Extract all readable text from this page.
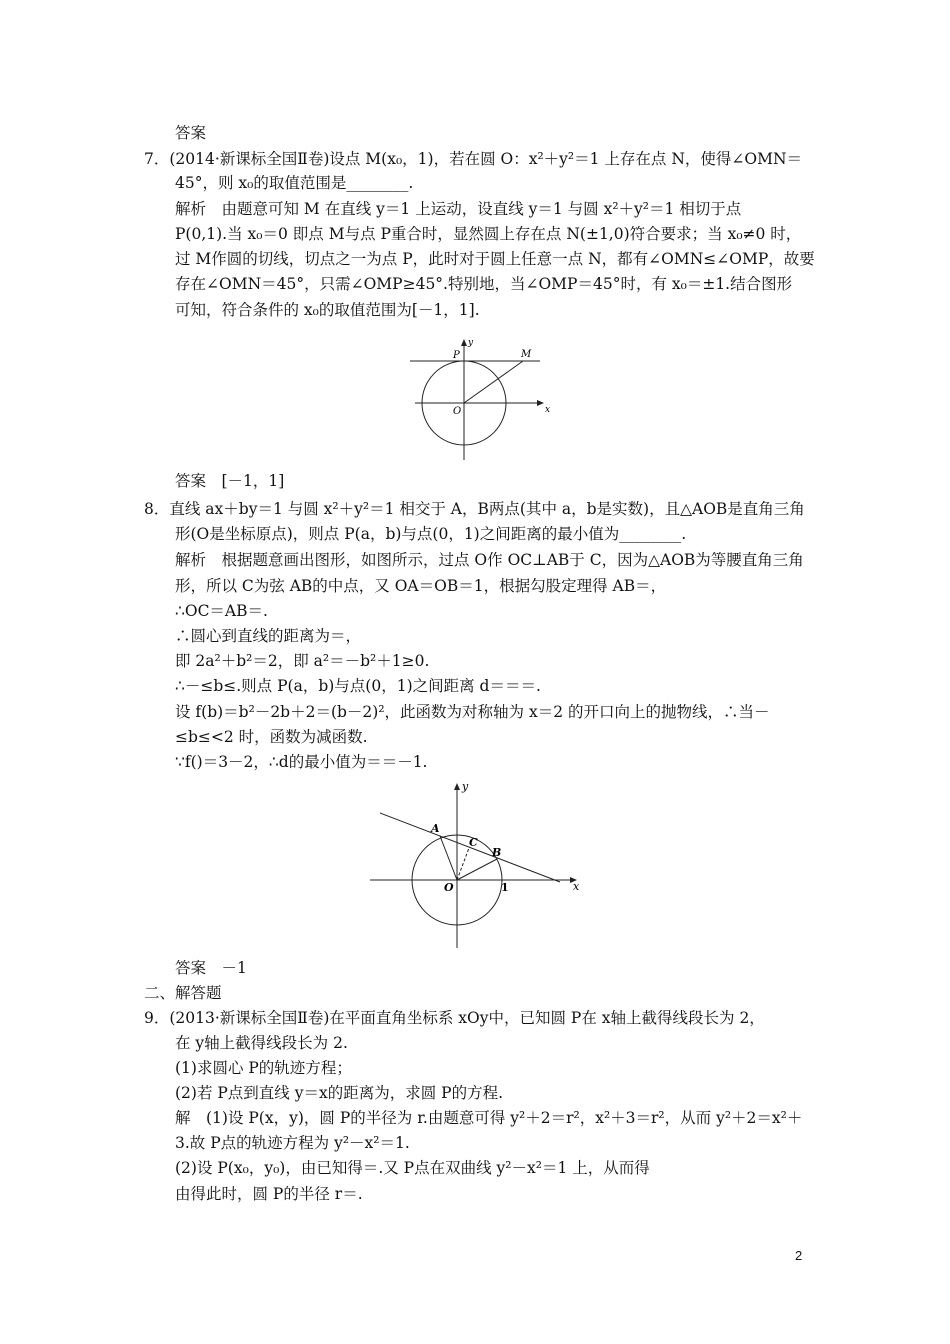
答案
7．(2014·新课标全国Ⅱ卷)设点 M(x₀，1)，若在圆 O：x²＋y²＝1 上存在点 N，使得∠OMN＝
45°，则 x₀的取值范围是________.
解析　由题意可知 M 在直线 y＝1 上运动，设直线 y＝1 与圆 x²＋y²＝1 相切于点
P(0,1).当 x₀＝0 即点 M与点 P重合时，显然圆上存在点 N(±1,0)符合要求；当 x₀≠0 时，
过 M作圆的切线，切点之一为点 P，此时对于圆上任意一点 N，都有∠OMN≤∠OMP，故要
存在∠OMN＝45°，只需∠OMP≥45°.特别地，当∠OMP＝45°时，有 x₀＝±1.结合图形
可知，符合条件的 x₀的取值范围为[－1，1].
P
y
M
O	x
答案　[－1，1]
8．直线 ax＋by＝1 与圆 x²＋y²＝1 相交于 A，B两点(其中 a，b是实数)，且△AOB是直角三角
形(O是坐标原点)，则点 P(a，b)与点(0，1)之间距离的最小值为________.
解析　根据题意画出图形，如图所示，过点 O作 OC⊥AB于 C，因为△AOB为等腰直角三角
形，所以 C为弦 AB的中点，又 OA＝OB＝1，根据勾股定理得 AB＝，
∴OC＝AB＝.
∴圆心到直线的距离为＝，
即 2a²＋b²＝2，即 a²＝－b²＋1≥0.
∴－≤b≤.则点 P(a，b)与点(0，1)之间距离 d＝＝＝.
设 f(b)＝b²－2b＋2＝(b－2)²，此函数为对称轴为 x＝2 的开口向上的抛物线，∴当－
≤b≤<2 时，函数为减函数.
∵f()＝3－2，∴d的最小值为＝＝－1.
y
A
C
B
O	1	x
答案　－1
二、解答题
9．(2013·新课标全国Ⅱ卷)在平面直角坐标系 xOy中，已知圆 P在 x轴上截得线段长为 2，
在 y轴上截得线段长为 2.
(1)求圆心 P的轨迹方程；
(2)若 P点到直线 y＝x的距离为，求圆 P的方程.
解　(1)设 P(x，y)，圆 P的半径为 r.由题意可得 y²＋2＝r²，x²＋3＝r²，从而 y²＋2＝x²＋
3.故 P点的轨迹方程为 y²－x²＝1.
(2)设 P(x₀，y₀)，由已知得＝.又 P点在双曲线 y²－x²＝1 上，从而得
由得此时，圆 P的半径 r＝.
2
